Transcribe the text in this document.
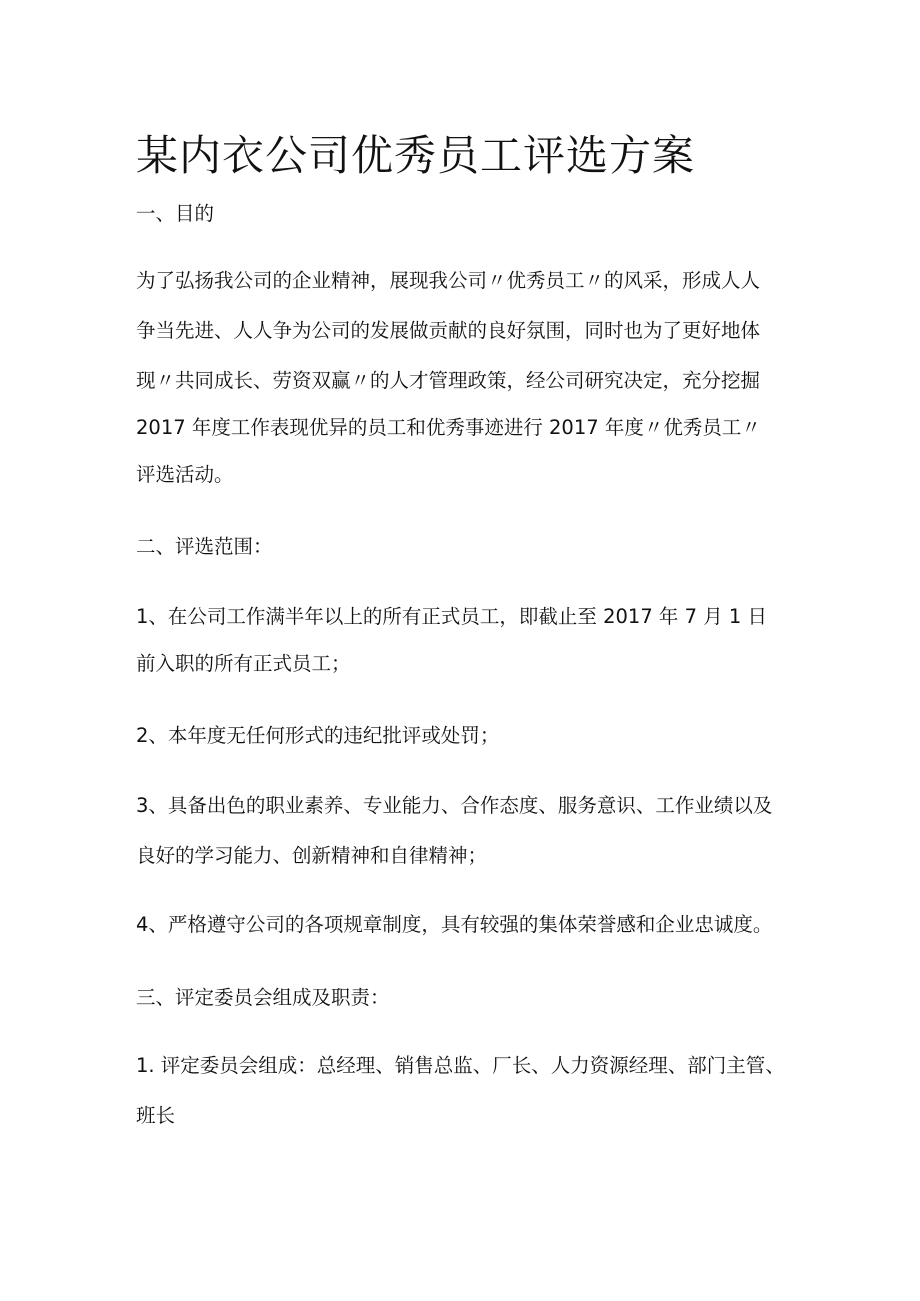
某内衣公司优秀员工评选方案
一、目的
为了弘扬我公司的企业精神，展现我公司〃优秀员工〃的风采，形成人人
争当先进、人人争为公司的发展做贡献的良好氛围，同时也为了更好地体
现〃共同成长、劳资双赢〃的人才管理政策，经公司研究决定，充分挖掘
2017 年度工作表现优异的员工和优秀事迹进行 2017 年度〃优秀员工〃
评选活动。
二、评选范围：
1、在公司工作满半年以上的所有正式员工，即截止至 2017 年 7 月 1 日
前入职的所有正式员工；
2、本年度无任何形式的违纪批评或处罚；
3、具备出色的职业素养、专业能力、合作态度、服务意识、工作业绩以及
良好的学习能力、创新精神和自律精神；
4、严格遵守公司的各项规章制度，具有较强的集体荣誉感和企业忠诚度。
三、评定委员会组成及职责：
1. 评定委员会组成：总经理、销售总监、厂长、人力资源经理、部门主管、
班长
